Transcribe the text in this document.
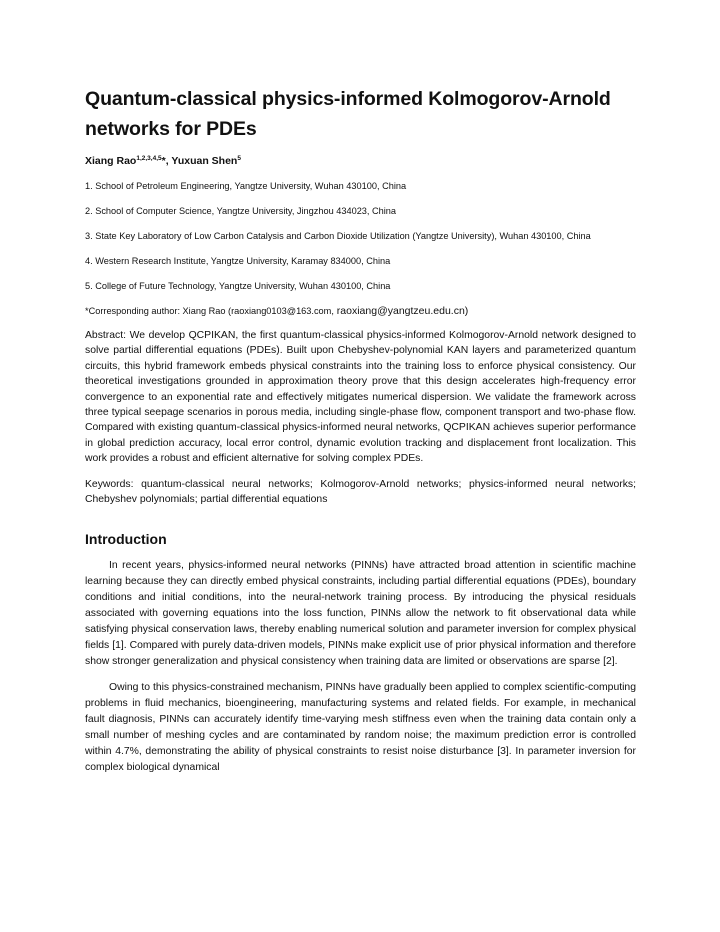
Quantum-classical physics-informed Kolmogorov-Arnold networks for PDEs
Xiang Rao$^{1,2,3,4,5}$*, Yuxuan Shen$^5$
1. School of Petroleum Engineering, Yangtze University, Wuhan 430100, China
2. School of Computer Science, Yangtze University, Jingzhou 434023, China
3. State Key Laboratory of Low Carbon Catalysis and Carbon Dioxide Utilization (Yangtze University), Wuhan 430100, China
4. Western Research Institute, Yangtze University, Karamay 834000, China
5. College of Future Technology, Yangtze University, Wuhan 430100, China
*Corresponding author: Xiang Rao (raoxiang0103@163.com, raoxiang@yangtzeu.edu.cn)

Abstract: We develop QCPIKAN, the first quantum-classical physics-informed Kolmogorov-Arnold network designed to solve partial differential equations (PDEs). Built upon Chebyshev-polynomial KAN layers and parameterized quantum circuits, this hybrid framework embeds physical constraints into the training loss to enforce physical consistency. Our theoretical investigations grounded in approximation theory prove that this design accelerates high-frequency error convergence to an exponential rate and effectively mitigates numerical dispersion. We validate the framework across three typical seepage scenarios in porous media, including single-phase flow, component transport and two-phase flow. Compared with existing quantum-classical physics-informed neural networks, QCPIKAN achieves superior performance in global prediction accuracy, local error control, dynamic evolution tracking and displacement front localization. This work provides a robust and efficient alternative for solving complex PDEs.

Keywords: quantum-classical neural networks; Kolmogorov-Arnold networks; physics-informed neural networks; Chebyshev polynomials; partial differential equations

Introduction

In recent years, physics-informed neural networks (PINNs) have attracted broad attention in scientific machine learning because they can directly embed physical constraints, including partial differential equations (PDEs), boundary conditions and initial conditions, into the neural-network training process. By introducing the physical residuals associated with governing equations into the loss function, PINNs allow the network to fit observational data while satisfying physical conservation laws, thereby enabling numerical solution and parameter inversion for complex physical fields [1]. Compared with purely data-driven models, PINNs make explicit use of prior physical information and therefore show stronger generalization and physical consistency when training data are limited or observations are sparse [2].

Owing to this physics-constrained mechanism, PINNs have gradually been applied to complex scientific-computing problems in fluid mechanics, bioengineering, manufacturing systems and related fields. For example, in mechanical fault diagnosis, PINNs can accurately identify time-varying mesh stiffness even when the training data contain only a small number of meshing cycles and are contaminated by random noise; the maximum prediction error is controlled within 4.7%, demonstrating the ability of physical constraints to resist noise disturbance [3]. In parameter inversion for complex biological dynamical
